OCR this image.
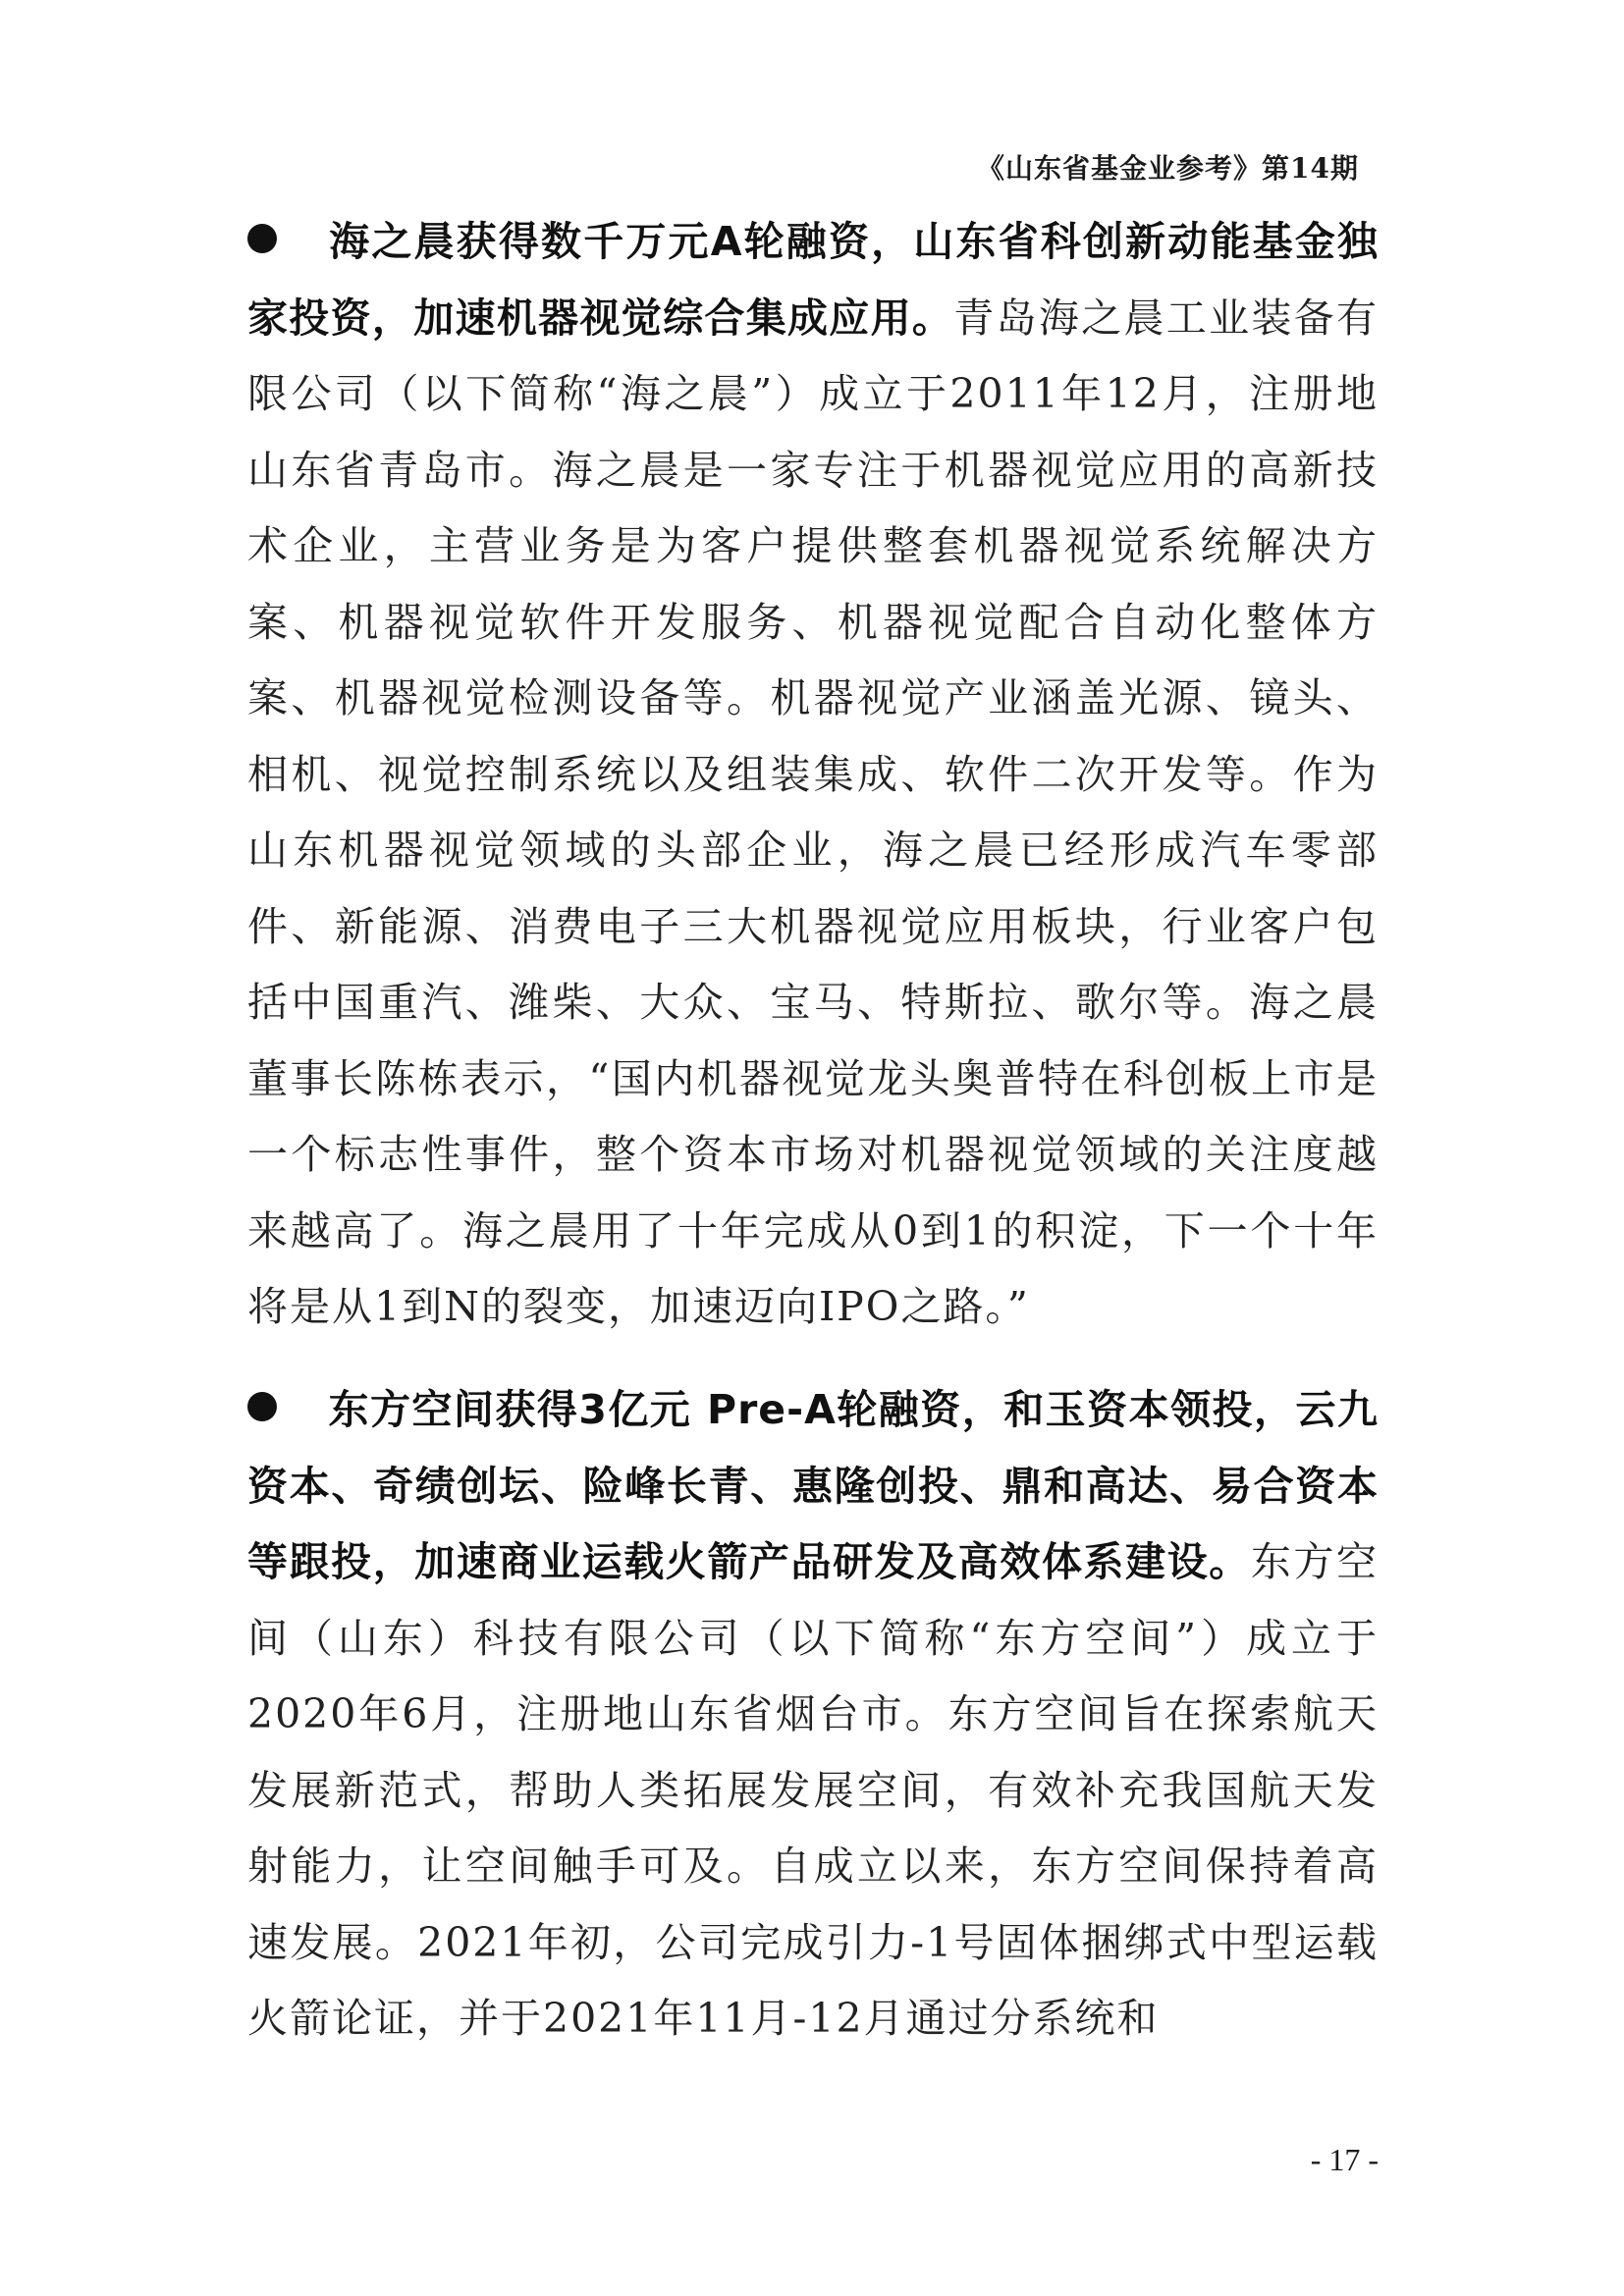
《山东省基金业参考》第14期

海之晨获得数千万元A轮融资，山东省科创新动能基金独家投资，加速机器视觉综合集成应用。青岛海之晨工业装备有限公司（以下简称“海之晨”）成立于2011年12月，注册地山东省青岛市。海之晨是一家专注于机器视觉应用的高新技术企业，主营业务是为客户提供整套机器视觉系统解决方案、机器视觉软件开发服务、机器视觉配合自动化整体方案、机器视觉检测设备等。机器视觉产业涵盖光源、镜头、相机、视觉控制系统以及组装集成、软件二次开发等。作为山东机器视觉领域的头部企业，海之晨已经形成汽车零部件、新能源、消费电子三大机器视觉应用板块，行业客户包括中国重汽、潍柴、大众、宝马、特斯拉、歌尔等。海之晨董事长陈栋表示，“国内机器视觉龙头奥普特在科创板上市是一个标志性事件，整个资本市场对机器视觉领域的关注度越来越高了。海之晨用了十年完成从0到1的积淀，下一个十年将是从1到N的裂变，加速迈向IPO之路。”

东方空间获得3亿元 Pre-A轮融资，和玉资本领投，云九资本、奇绩创坛、险峰长青、惠隆创投、鼎和高达、易合资本等跟投，加速商业运载火箭产品研发及高效体系建设。东方空间（山东）科技有限公司（以下简称“东方空间”）成立于2020年6月，注册地山东省烟台市。东方空间旨在探索航天发展新范式，帮助人类拓展发展空间，有效补充我国航天发射能力，让空间触手可及。自成立以来，东方空间保持着高速发展。2021年初，公司完成引力-1号固体捆绑式中型运载火箭论证，并于2021年11月-12月通过分系统和

- 17 -
